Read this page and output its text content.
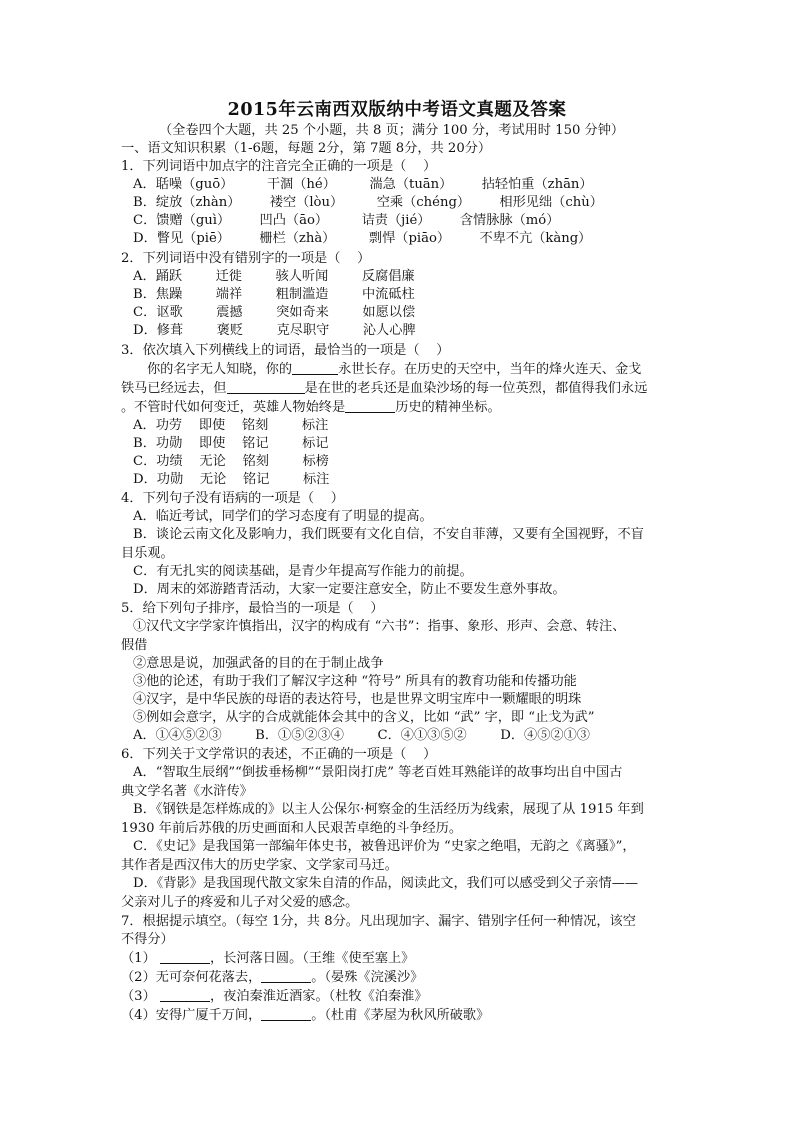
2015年云南西双版纳中考语文真题及答案
（全卷四个大题，共 25 个小题，共 8 页；满分 100 分，考试用时 150 分钟）
一、语文知识积累（1-6题，每题 2分，第 7题 8分，共 20分）
1．下列词语中加点字的注音完全正确的一项是（    ）
A．聒噪（guō）        干涸（hé）        湍急（tuān）       拈轻怕重（zhān）
B．绽放（zhàn）       褛空（lòu）        空乘（chéng）       相形见绌（chù）
C．馈赠（guì）       凹凸（āo）        诘责（jié）       含情脉脉（mó）
D．瞥见（piē）       栅栏（zhà）        剽悍（piāo）       不卑不亢（kàng）
2．下列词语中没有错别字的一项是（    ）
A．踊跃        迁徙        骇人听闻        反腐倡廉
B．焦躁        端祥        粗制滥造        中流砥柱
C．讴歌        震撼        突如奇来        如愿以偿
D．修葺        褒贬        克尽职守        沁人心脾
3．依次填入下列横线上的词语，最恰当的一项是（    ）
你的名字无人知晓，你的	永世长存。在历史的天空中，当年的烽火连天、金戈
铁马已经远去，但	是在世的老兵还是血染沙场的每一位英烈，都值得我们永远
。不管时代如何变迁，英雄人物始终是	历史的精神坐标。
A．功劳    即使    铭刻        标注
B．功勋    即使    铭记        标记
C．功绩    无论    铭刻        标榜
D．功勋    无论    铭记        标注
4．下列句子没有语病的一项是（    ）
A．临近考试，同学们的学习态度有了明显的提高。
B．谈论云南文化及影响力，我们既要有文化自信，不安自菲薄，又要有全国视野，不盲
目乐观。
C．有无扎实的阅读基础，是青少年提高写作能力的前提。
D．周末的郊游踏青活动，大家一定要注意安全，防止不要发生意外事故。
5．给下列句子排序，最恰当的一项是（    ）
①汉代文字学家许慎指出，汉字的构成有 “六书”：指事、象形、形声、会意、转注、
假借
②意思是说，加强武备的目的在于制止战争
③他的论述，有助于我们了解汉字这种 “符号” 所具有的教育功能和传播功能
④汉字，是中华民族的母语的表达符号，也是世界文明宝库中一颗耀眼的明珠
⑤例如会意字，从字的合成就能体会其中的含义，比如 “武” 字，即 “止戈为武”
A．①④⑤②③        B．①⑤②③④        C．④①③⑤②        D．④⑤②①③
6．下列关于文学常识的表述，不正确的一项是（    ）
A．“智取生辰纲”“倒拔垂杨柳”“景阳岗打虎” 等老百姓耳熟能详的故事均出自中国古
典文学名著《水浒传》
B．《钢铁是怎样炼成的》以主人公保尔·柯察金的生活经历为线索，展现了从 1915 年到
1930 年前后苏俄的历史画面和人民艰苦卓绝的斗争经历。
C．《史记》是我国第一部编年体史书，被鲁迅评价为 “史家之绝唱，无韵之《离骚》”，
其作者是西汉伟大的历史学家、文学家司马迁。
D．《背影》是我国现代散文家朱自清的作品，阅读此文，我们可以感受到父子亲情——
父亲对儿子的疼爱和儿子对父爱的感念。
7．根据提示填空。（每空 1分，共 8分。凡出现加字、漏字、错别字任何一种情况，该空
不得分）
（1）	，长河落日圆。（王维《使至塞上》
（2）无可奈何花落去，	。（晏殊《浣溪沙》
（3）	，夜泊秦淮近酒家。（杜牧《泊秦淮》
（4）安得广厦千万间，	。（杜甫《茅屋为秋风所破歌》
